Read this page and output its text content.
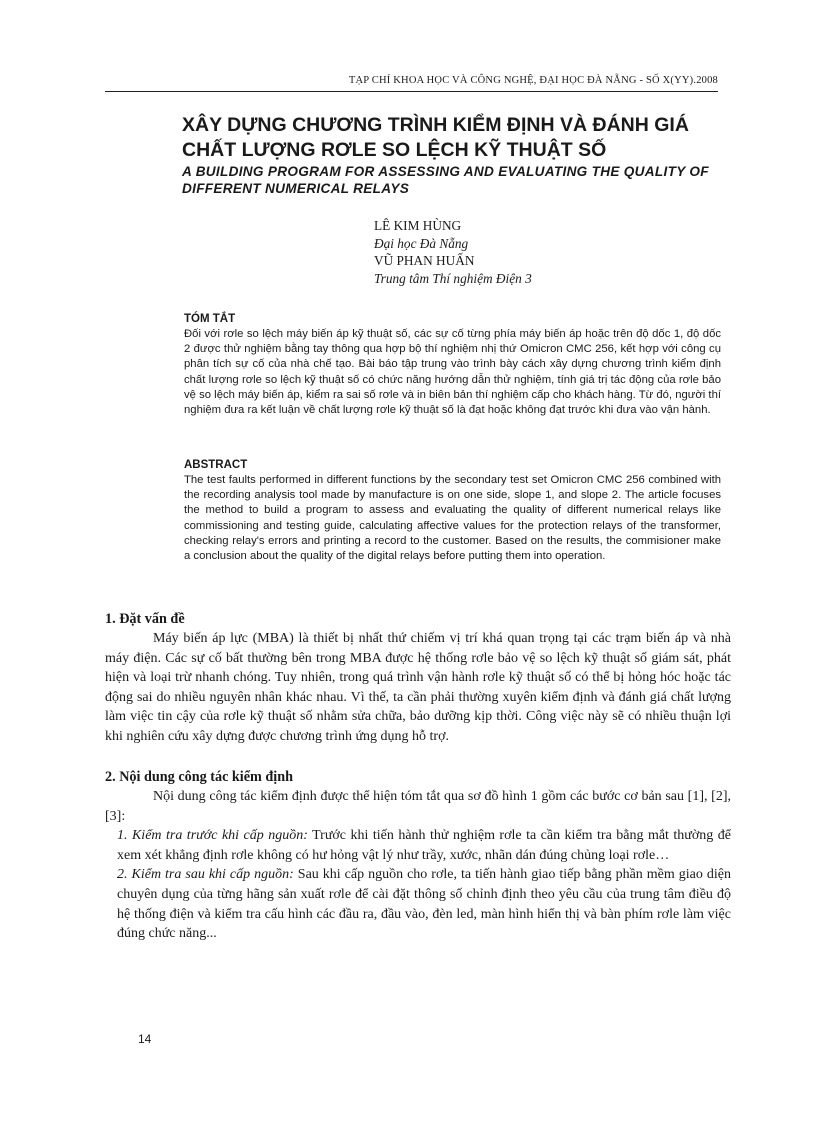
TẠP CHÍ KHOA HỌC VÀ CÔNG NGHỆ, ĐẠI HỌC ĐÀ NẴNG - SỐ X(YY).2008
XÂY DỰNG CHƯƠNG TRÌNH KIỂM ĐỊNH VÀ ĐÁNH GIÁ CHẤT LƯỢNG RƠLE SO LỆCH KỸ THUẬT SỐ
A BUILDING PROGRAM FOR ASSESSING AND EVALUATING THE QUALITY OF DIFFERENT NUMERICAL RELAYS
LÊ KIM HÙNG
Đại học Đà Nẵng
VŨ PHAN HUẤN
Trung tâm Thí nghiệm Điện 3
TÓM TẮT

Đối với rơle so lệch máy biến áp kỹ thuật số, các sự cố từng phía máy biến áp hoặc trên độ dốc 1, độ dốc 2 được thử nghiệm bằng tay thông qua hợp bộ thí nghiệm nhị thứ Omicron CMC 256, kết hợp với công cụ phân tích sự cố của nhà chế tạo. Bài báo tập trung vào trình bày cách xây dựng chương trình kiểm định chất lượng rơle so lệch kỹ thuật số có chức năng hướng dẫn thử nghiệm, tính giá trị tác động của rơle bảo vệ so lệch máy biến áp, kiểm ra sai số rơle và in biên bản thí nghiệm cấp cho khách hàng. Từ đó, người thí nghiệm đưa ra kết luận về chất lượng rơle kỹ thuật số là đạt hoặc không đạt trước khi đưa vào vận hành.

ABSTRACT

The test faults performed in different functions by the secondary test set Omicron CMC 256 combined with the recording analysis tool made by manufacture is on one side, slope 1, and slope 2. The article focuses the method to build a program to assess and evaluating the quality of different numerical relays like commissioning and testing guide, calculating affective values for the protection relays of the transformer, checking relay's errors and printing a record to the customer. Based on the results, the commisioner make a conclusion about the quality of the digital relays before putting them into operation.

1. Đặt vấn đề

Máy biến áp lực (MBA) là thiết bị nhất thứ chiếm vị trí khá quan trọng tại các trạm biến áp và nhà máy điện. Các sự cố bất thường bên trong MBA được hệ thống rơle bảo vệ so lệch kỹ thuật số giám sát, phát hiện và loại trừ nhanh chóng. Tuy nhiên, trong quá trình vận hành rơle kỹ thuật số có thể bị hỏng hóc hoặc tác động sai do nhiều nguyên nhân khác nhau. Vì thế, ta cần phải thường xuyên kiểm định và đánh giá chất lượng làm việc tin cậy của rơle kỹ thuật số nhằm sửa chữa, bảo dưỡng kịp thời. Công việc này sẽ có nhiều thuận lợi khi nghiên cứu xây dựng được chương trình ứng dụng hỗ trợ.

2. Nội dung công tác kiểm định

Nội dung công tác kiểm định được thể hiện tóm tắt qua sơ đồ hình 1 gồm các bước cơ bản sau [1], [2], [3]:

1. Kiểm tra trước khi cấp nguồn: Trước khi tiến hành thử nghiệm rơle ta cần kiểm tra bằng mắt thường để xem xét khẳng định rơle không có hư hỏng vật lý như trầy, xước, nhãn dán đúng chủng loại rơle…

2. Kiểm tra sau khi cấp nguồn: Sau khi cấp nguồn cho rơle, ta tiến hành giao tiếp bằng phần mềm giao diện chuyên dụng của từng hãng sản xuất rơle để cài đặt thông số chỉnh định theo yêu cầu của trung tâm điều độ hệ thống điện và kiểm tra cấu hình các đầu ra, đầu vào, đèn led, màn hình hiển thị và bàn phím rơle làm việc đúng chức năng...

14
